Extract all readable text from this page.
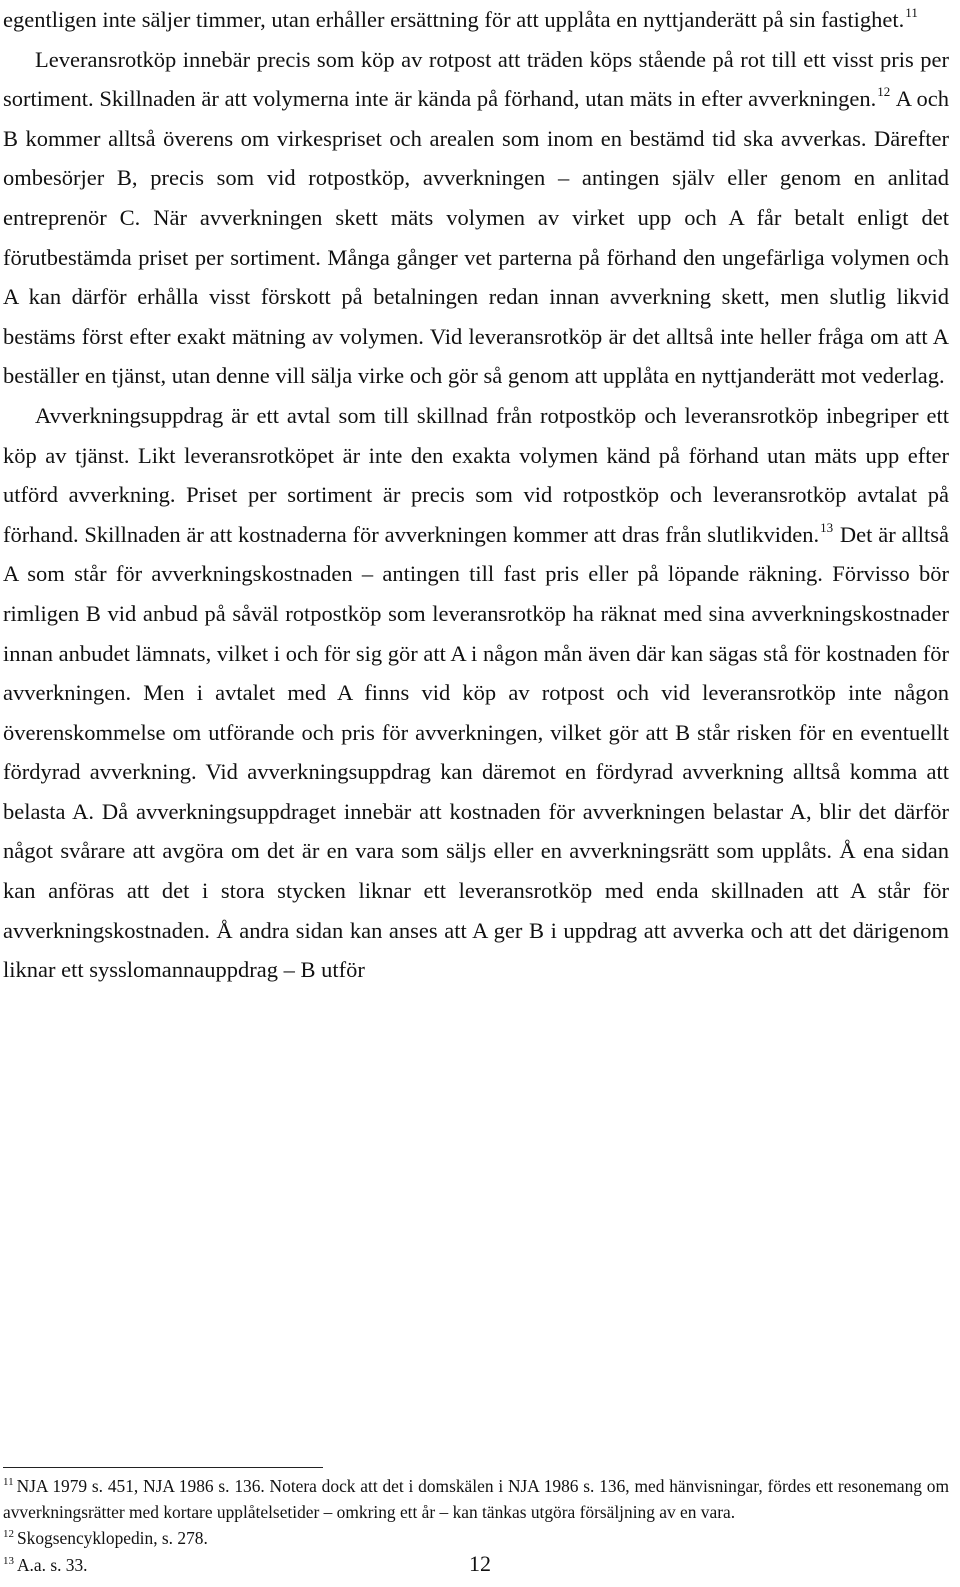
egentligen inte säljer timmer, utan erhåller ersättning för att upplåta en nyttjanderätt på sin fastighet.$^{11}$

Leveransrotköp innebär precis som köp av rotpost att träden köps stående på rot till ett visst pris per sortiment. Skillnaden är att volymerna inte är kända på förhand, utan mäts in efter avverkningen.$^{12}$ A och B kommer alltså överens om virkespriset och arealen som inom en bestämd tid ska avverkas. Därefter ombesörjer B, precis som vid rotpostköp, avverkningen – antingen själv eller genom en anlitad entreprenör C. När avverkningen skett mäts volymen av virket upp och A får betalt enligt det förutbestämda priset per sortiment. Många gånger vet parterna på förhand den ungefärliga volymen och A kan därför erhålla visst förskott på betalningen redan innan avverkning skett, men slutlig likvid bestäms först efter exakt mätning av volymen. Vid leveransrotköp är det alltså inte heller fråga om att A beställer en tjänst, utan denne vill sälja virke och gör så genom att upplåta en nyttjanderätt mot vederlag.

Avverkningsuppdrag är ett avtal som till skillnad från rotpostköp och leveransrotköp inbegriper ett köp av tjänst. Likt leveransrotköpet är inte den exakta volymen känd på förhand utan mäts upp efter utförd avverkning. Priset per sortiment är precis som vid rotpostköp och leveransrotköp avtalat på förhand. Skillnaden är att kostnaderna för avverkningen kommer att dras från slutlikviden.$^{13}$ Det är alltså A som står för avverkningskostnaden – antingen till fast pris eller på löpande räkning. Förvisso bör rimligen B vid anbud på såväl rotpostköp som leveransrotköp ha räknat med sina avverkningskostnader innan anbudet lämnats, vilket i och för sig gör att A i någon mån även där kan sägas stå för kostnaden för avverkningen. Men i avtalet med A finns vid köp av rotpost och vid leveransrotköp inte någon överenskommelse om utförande och pris för avverkningen, vilket gör att B står risken för en eventuellt fördyrad avverkning. Vid avverkningsuppdrag kan däremot en fördyrad avverkning alltså komma att belasta A. Då avverkningsuppdraget innebär att kostnaden för avverkningen belastar A, blir det därför något svårare att avgöra om det är en vara som säljs eller en avverkningsrätt som upplåts. Å ena sidan kan anföras att det i stora stycken liknar ett leveransrotköp med enda skillnaden att A står för avverkningskostnaden. Å andra sidan kan anses att A ger B i uppdrag att avverka och att det därigenom liknar ett sysslomannauppdrag – B utför

$^{11}$ NJA 1979 s. 451, NJA 1986 s. 136. Notera dock att det i domskälen i NJA 1986 s. 136, med hänvisningar, fördes ett resonemang om avverkningsrätter med kortare upplåtelsetider – omkring ett år – kan tänkas utgöra försäljning av en vara.

$^{12}$ Skogsencyklopedin, s. 278.

$^{13}$ A.a. s. 33.	12
